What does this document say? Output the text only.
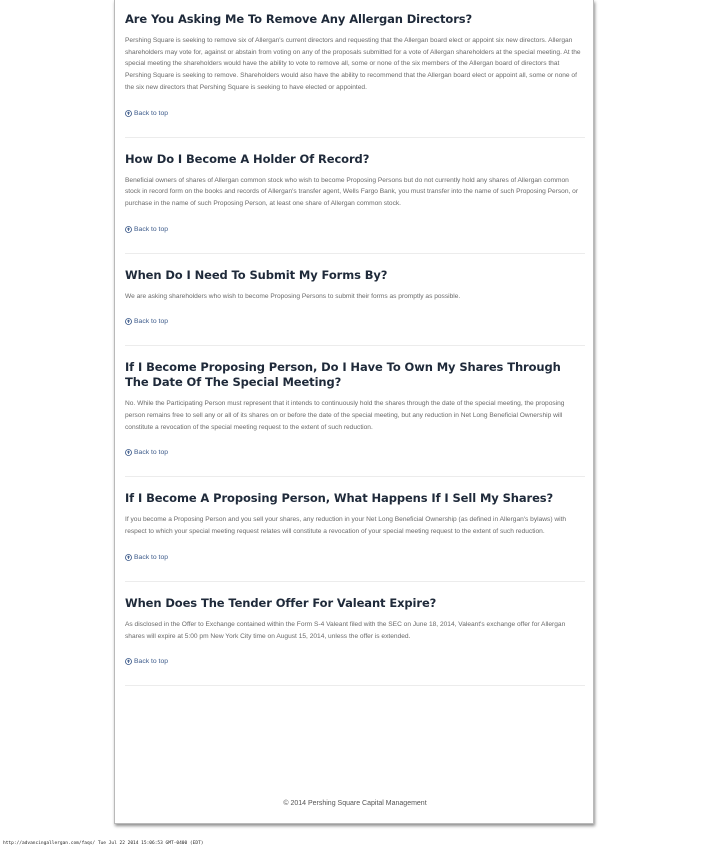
Are You Asking Me To Remove Any Allergan Directors?

Pershing Square is seeking to remove six of Allergan's current directors and requesting that the Allergan board elect or appoint six new directors. Allergan shareholders may vote for, against or abstain from voting on any of the proposals submitted for a vote of Allergan shareholders at the special meeting. At the special meeting the shareholders would have the ability to vote to remove all, some or none of the six members of the Allergan board of directors that Pershing Square is seeking to remove. Shareholders would also have the ability to recommend that the Allergan board elect or appoint all, some or none of the six new directors that Pershing Square is seeking to have elected or appointed.

Back to top
How Do I Become A Holder Of Record?

Beneficial owners of shares of Allergan common stock who wish to become Proposing Persons but do not currently hold any shares of Allergan common stock in record form on the books and records of Allergan's transfer agent, Wells Fargo Bank, you must transfer into the name of such Proposing Person, or purchase in the name of such Proposing Person, at least one share of Allergan common stock.

Back to top
When Do I Need To Submit My Forms By?

We are asking shareholders who wish to become Proposing Persons to submit their forms as promptly as possible.

Back to top
If I Become Proposing Person, Do I Have To Own My Shares Through The Date Of The Special Meeting?

No. While the Participating Person must represent that it intends to continuously hold the shares through the date of the special meeting, the proposing person remains free to sell any or all of its shares on or before the date of the special meeting, but any reduction in Net Long Beneficial Ownership will constitute a revocation of the special meeting request to the extent of such reduction.

Back to top
If I Become A Proposing Person, What Happens If I Sell My Shares?

If you become a Proposing Person and you sell your shares, any reduction in your Net Long Beneficial Ownership (as defined in Allergan's bylaws) with respect to which your special meeting request relates will constitute a revocation of your special meeting request to the extent of such reduction.

Back to top
When Does The Tender Offer For Valeant Expire?

As disclosed in the Offer to Exchange contained within the Form S-4 Valeant filed with the SEC on June 18, 2014, Valeant's exchange offer for Allergan shares will expire at 5:00 pm New York City time on August 15, 2014, unless the offer is extended.

Back to top
© 2014 Pershing Square Capital Management
http://advancingallergan.com/faqs/ Tue Jul 22 2014 15:06:53 GMT-0400 (EDT)
